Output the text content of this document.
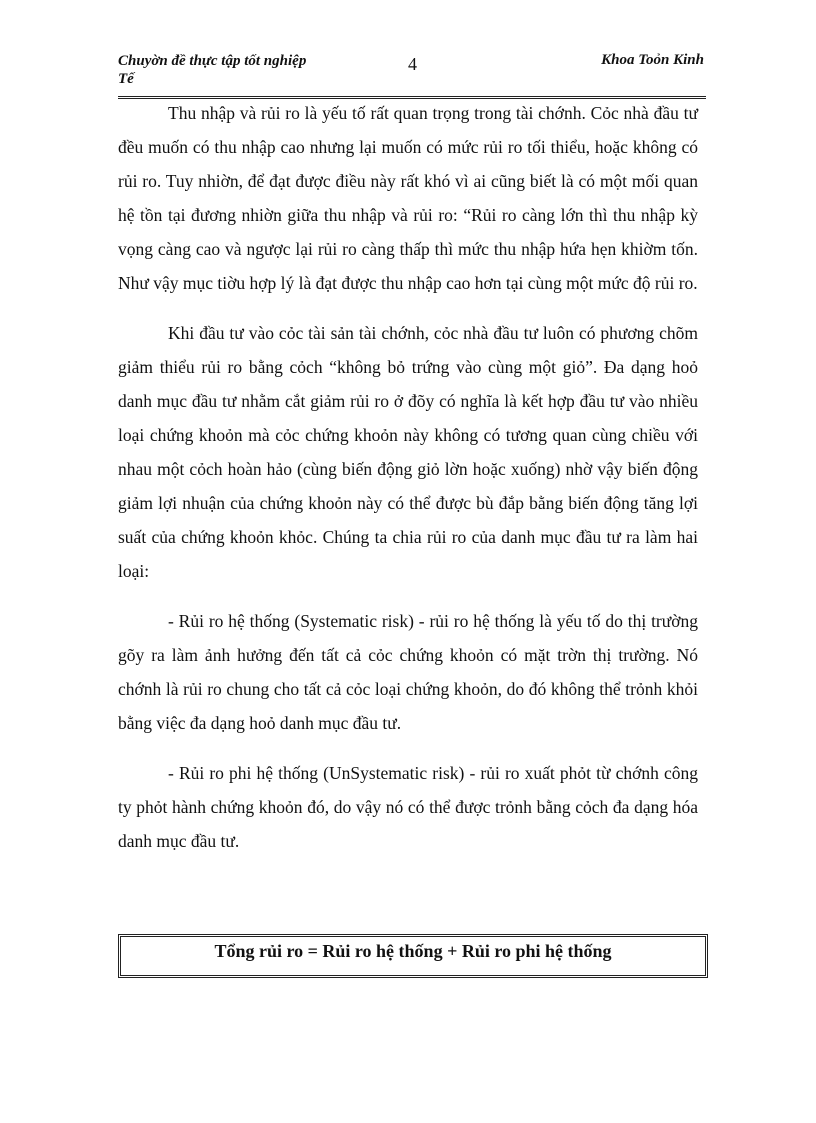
Chuyờn đề thực tập tốt nghiệp
Tế
4	Khoa Toỏn Kinh

Thu nhập và rủi ro là yếu tố rất quan trọng trong tài chớnh. Cỏc nhà đầu tư đều muốn có thu nhập cao nhưng lại muốn có mức rủi ro tối thiểu, hoặc không có rủi ro. Tuy nhiờn, để đạt được điều này rất khó vì ai cũng biết là có một mối quan hệ tồn tại đương nhiờn giữa thu nhập và rủi ro: “Rủi ro càng lớn thì thu nhập kỳ vọng càng cao và ngược lại rủi ro càng thấp thì mức thu nhập hứa hẹn khiờm tốn. Như vậy mục tiờu hợp lý là đạt được thu nhập cao hơn tại cùng một mức độ rủi ro.

Khi đầu tư vào cỏc tài sản tài chớnh, cỏc nhà đầu tư luôn có phương chõm giảm thiểu rủi ro bằng cỏch “không bỏ trứng vào cùng một giỏ”. Đa dạng hoỏ danh mục đầu tư nhằm cắt giảm rủi ro ở đõy có nghĩa là kết hợp đầu tư vào nhiều loại chứng khoỏn mà cỏc chứng khoỏn này không có tương quan cùng chiều với nhau một cỏch hoàn hảo (cùng biến động giỏ lờn hoặc xuống) nhờ vậy biến động giảm lợi nhuận của chứng khoỏn này có thể được bù đắp bằng biến động tăng lợi suất của chứng khoỏn khỏc. Chúng ta chia rủi ro của danh mục đầu tư ra làm hai loại:

- Rủi ro hệ thống (Systematic risk) - rủi ro hệ thống là yếu tố do thị trường gõy ra làm ảnh hưởng đến tất cả cỏc chứng khoỏn có mặt trờn thị trường. Nó chớnh là rủi ro chung cho tất cả cỏc loại chứng khoỏn, do đó không thể trỏnh khỏi bằng việc đa dạng hoỏ danh mục đầu tư.

- Rủi ro phi hệ thống (UnSystematic risk) - rủi ro xuất phỏt từ chớnh công ty phỏt hành chứng khoỏn đó, do vậy nó có thể được trỏnh bằng cỏch đa dạng hóa danh mục đầu tư.

Tổng rủi ro = Rủi ro hệ thống + Rủi ro phi hệ thống
